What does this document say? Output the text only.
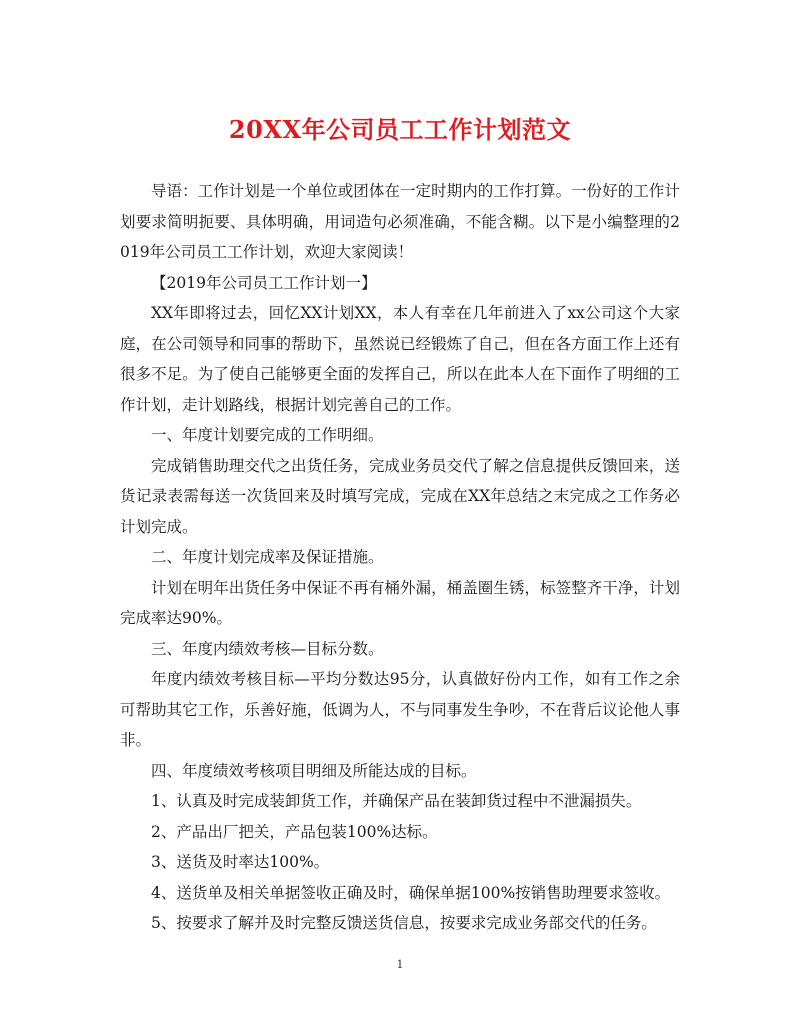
20XX年公司员工工作计划范文

导语：工作计划是一个单位或团体在一定时期内的工作打算。一份好的工作计划要求简明扼要、具体明确，用词造句必须准确，不能含糊。以下是小编整理的2019年公司员工工作计划，欢迎大家阅读！

【2019年公司员工工作计划一】

XX年即将过去，回忆XX计划XX，本人有幸在几年前进入了xx公司这个大家庭，在公司领导和同事的帮助下，虽然说已经锻炼了自己，但在各方面工作上还有很多不足。为了使自己能够更全面的发挥自己，所以在此本人在下面作了明细的工作计划，走计划路线，根据计划完善自己的工作。

一、年度计划要完成的工作明细。

完成销售助理交代之出货任务，完成业务员交代了解之信息提供反馈回来，送货记录表需每送一次货回来及时填写完成，完成在XX年总结之末完成之工作务必计划完成。

二、年度计划完成率及保证措施。

计划在明年出货任务中保证不再有桶外漏，桶盖圈生锈，标签整齐干净，计划完成率达90%。

三、年度内绩效考核—目标分数。

年度内绩效考核目标—平均分数达95分，认真做好份内工作，如有工作之余可帮助其它工作，乐善好施，低调为人，不与同事发生争吵，不在背后议论他人事非。

四、年度绩效考核项目明细及所能达成的目标。

1、认真及时完成装卸货工作，并确保产品在装卸货过程中不泄漏损失。

2、产品出厂把关，产品包装100%达标。

3、送货及时率达100%。

4、送货单及相关单据签收正确及时，确保单据100%按销售助理要求签收。

5、按要求了解并及时完整反馈送货信息，按要求完成业务部交代的任务。

1
